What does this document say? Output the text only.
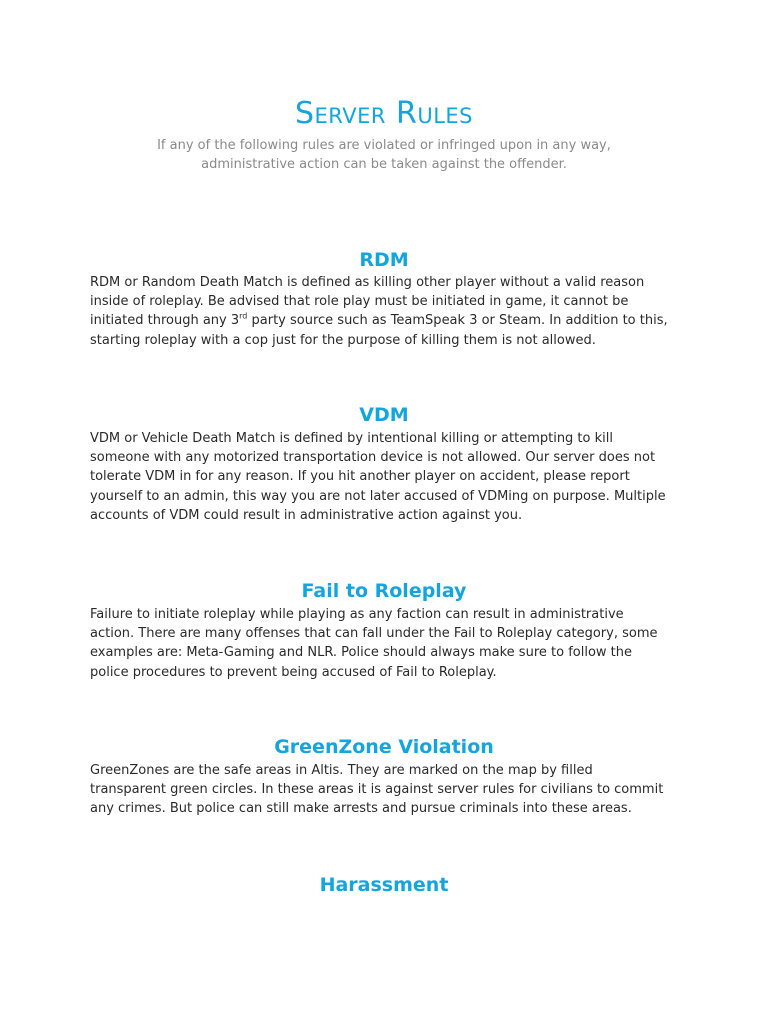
Server Rules

If any of the following rules are violated or infringed upon in any way,
administrative action can be taken against the offender.

RDM

RDM or Random Death Match is defined as killing other player without a valid reason
inside of roleplay. Be advised that role play must be initiated in game, it cannot be
initiated through any 3rd party source such as TeamSpeak 3 or Steam. In addition to this,
starting roleplay with a cop just for the purpose of killing them is not allowed.

VDM

VDM or Vehicle Death Match is defined by intentional killing or attempting to kill
someone with any motorized transportation device is not allowed. Our server does not
tolerate VDM in for any reason. If you hit another player on accident, please report
yourself to an admin, this way you are not later accused of VDMing on purpose. Multiple
accounts of VDM could result in administrative action against you.

Fail to Roleplay

Failure to initiate roleplay while playing as any faction can result in administrative
action. There are many offenses that can fall under the Fail to Roleplay category, some
examples are: Meta-Gaming and NLR. Police should always make sure to follow the
police procedures to prevent being accused of Fail to Roleplay.

GreenZone Violation

GreenZones are the safe areas in Altis. They are marked on the map by filled
transparent green circles. In these areas it is against server rules for civilians to commit
any crimes. But police can still make arrests and pursue criminals into these areas.

Harassment
